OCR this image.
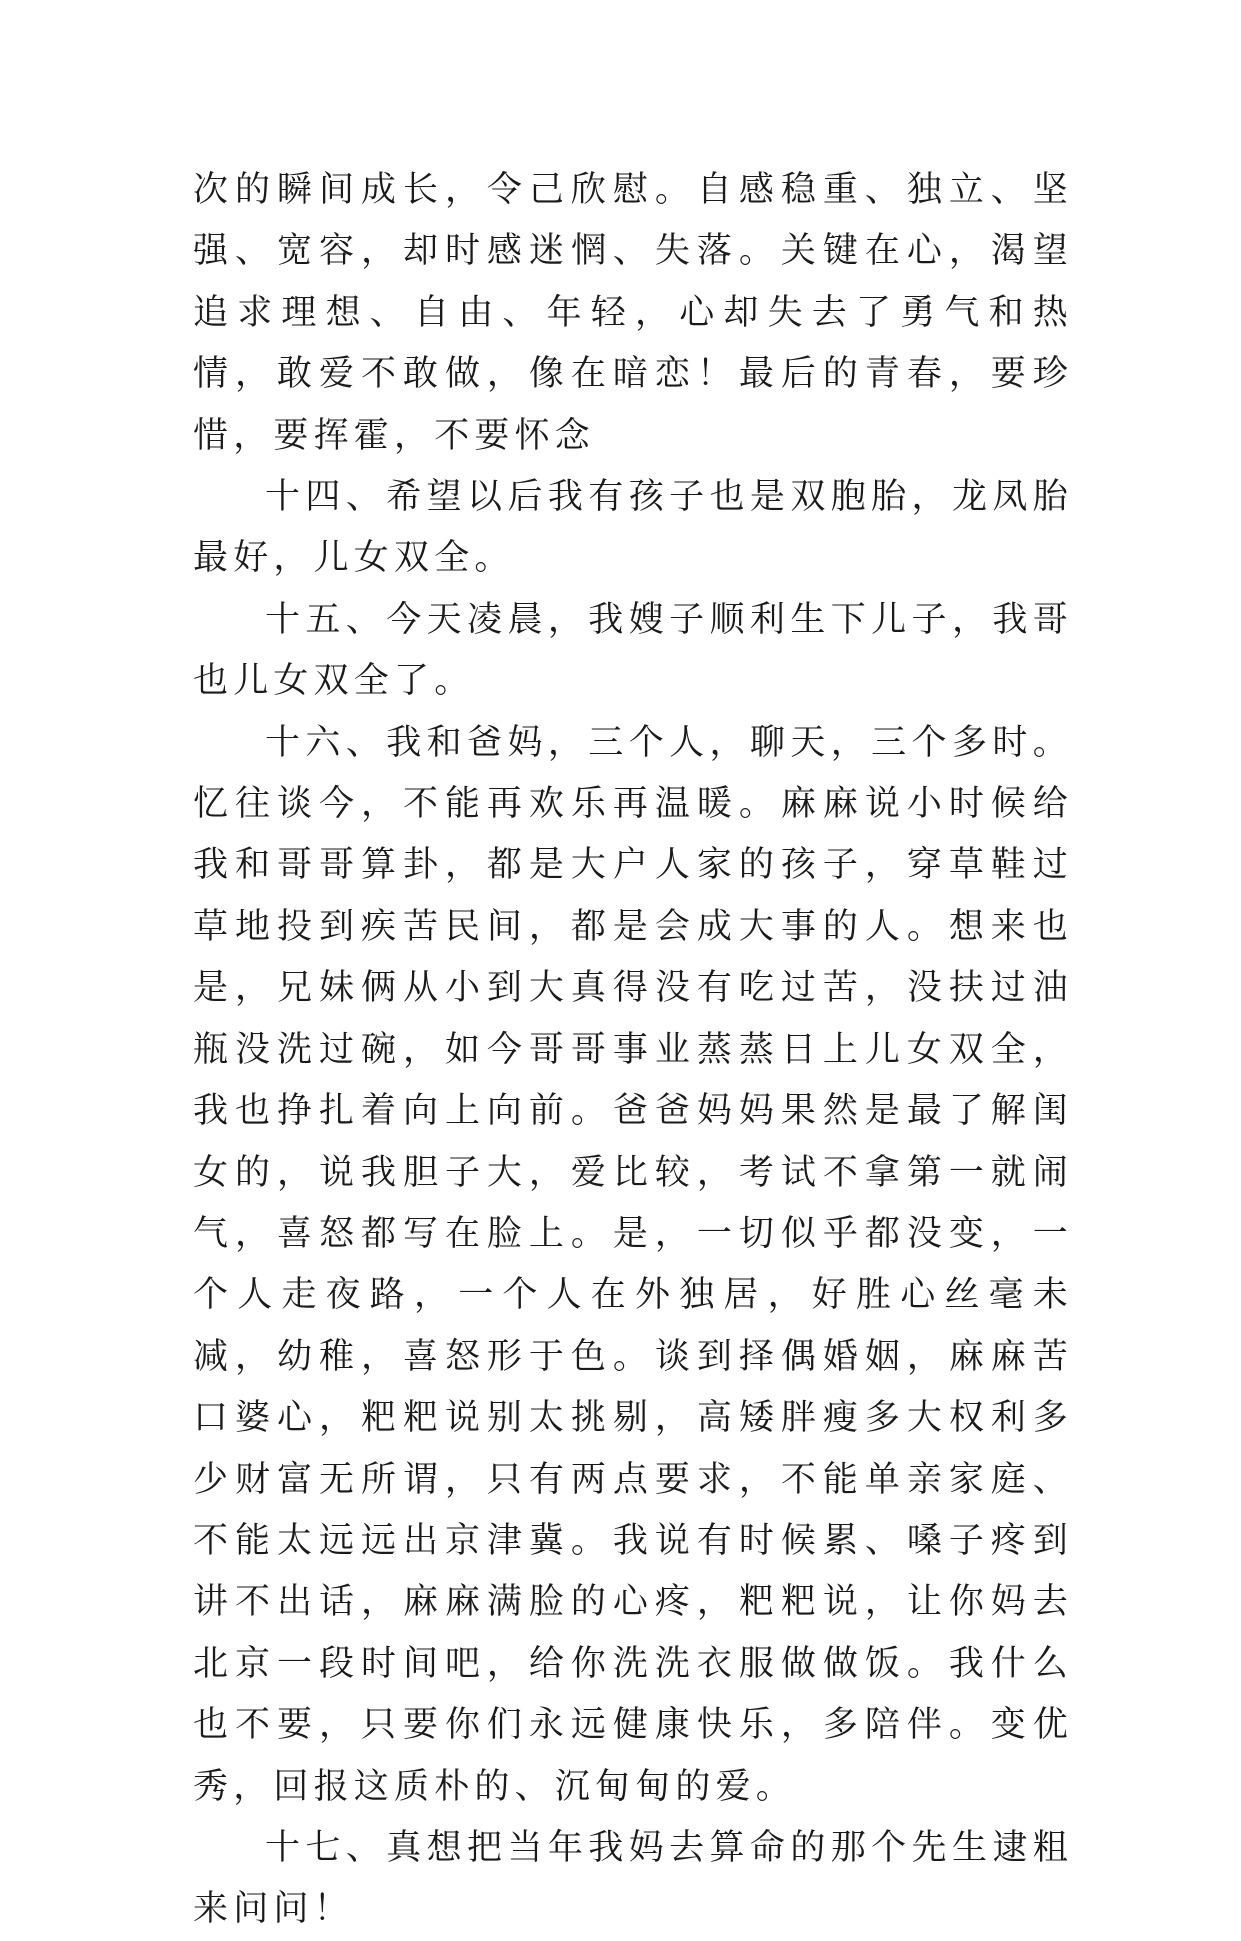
次的瞬间成长，令己欣慰。自感稳重、独立、坚强、宽容，却时感迷惘、失落。关键在心，渴望追求理想、自由、年轻，心却失去了勇气和热情，敢爱不敢做，像在暗恋！最后的青春，要珍惜，要挥霍，不要怀念

十四、希望以后我有孩子也是双胞胎，龙凤胎最好，儿女双全。

十五、今天凌晨，我嫂子顺利生下儿子，我哥也儿女双全了。

十六、我和爸妈，三个人，聊天，三个多时。忆往谈今，不能再欢乐再温暖。麻麻说小时候给我和哥哥算卦，都是大户人家的孩子，穿草鞋过草地投到疾苦民间，都是会成大事的人。想来也是，兄妹俩从小到大真得没有吃过苦，没扶过油瓶没洗过碗，如今哥哥事业蒸蒸日上儿女双全，我也挣扎着向上向前。爸爸妈妈果然是最了解闺女的，说我胆子大，爱比较，考试不拿第一就闹气，喜怒都写在脸上。是，一切似乎都没变，一个人走夜路，一个人在外独居，好胜心丝毫未减，幼稚，喜怒形于色。谈到择偶婚姻，麻麻苦口婆心，粑粑说别太挑剔，高矮胖瘦多大权利多少财富无所谓，只有两点要求，不能单亲家庭、不能太远远出京津冀。我说有时候累、嗓子疼到讲不出话，麻麻满脸的心疼，粑粑说，让你妈去北京一段时间吧，给你洗洗衣服做做饭。我什么也不要，只要你们永远健康快乐，多陪伴。变优秀，回报这质朴的、沉甸甸的爱。

十七、真想把当年我妈去算命的那个先生逮粗来问问！
